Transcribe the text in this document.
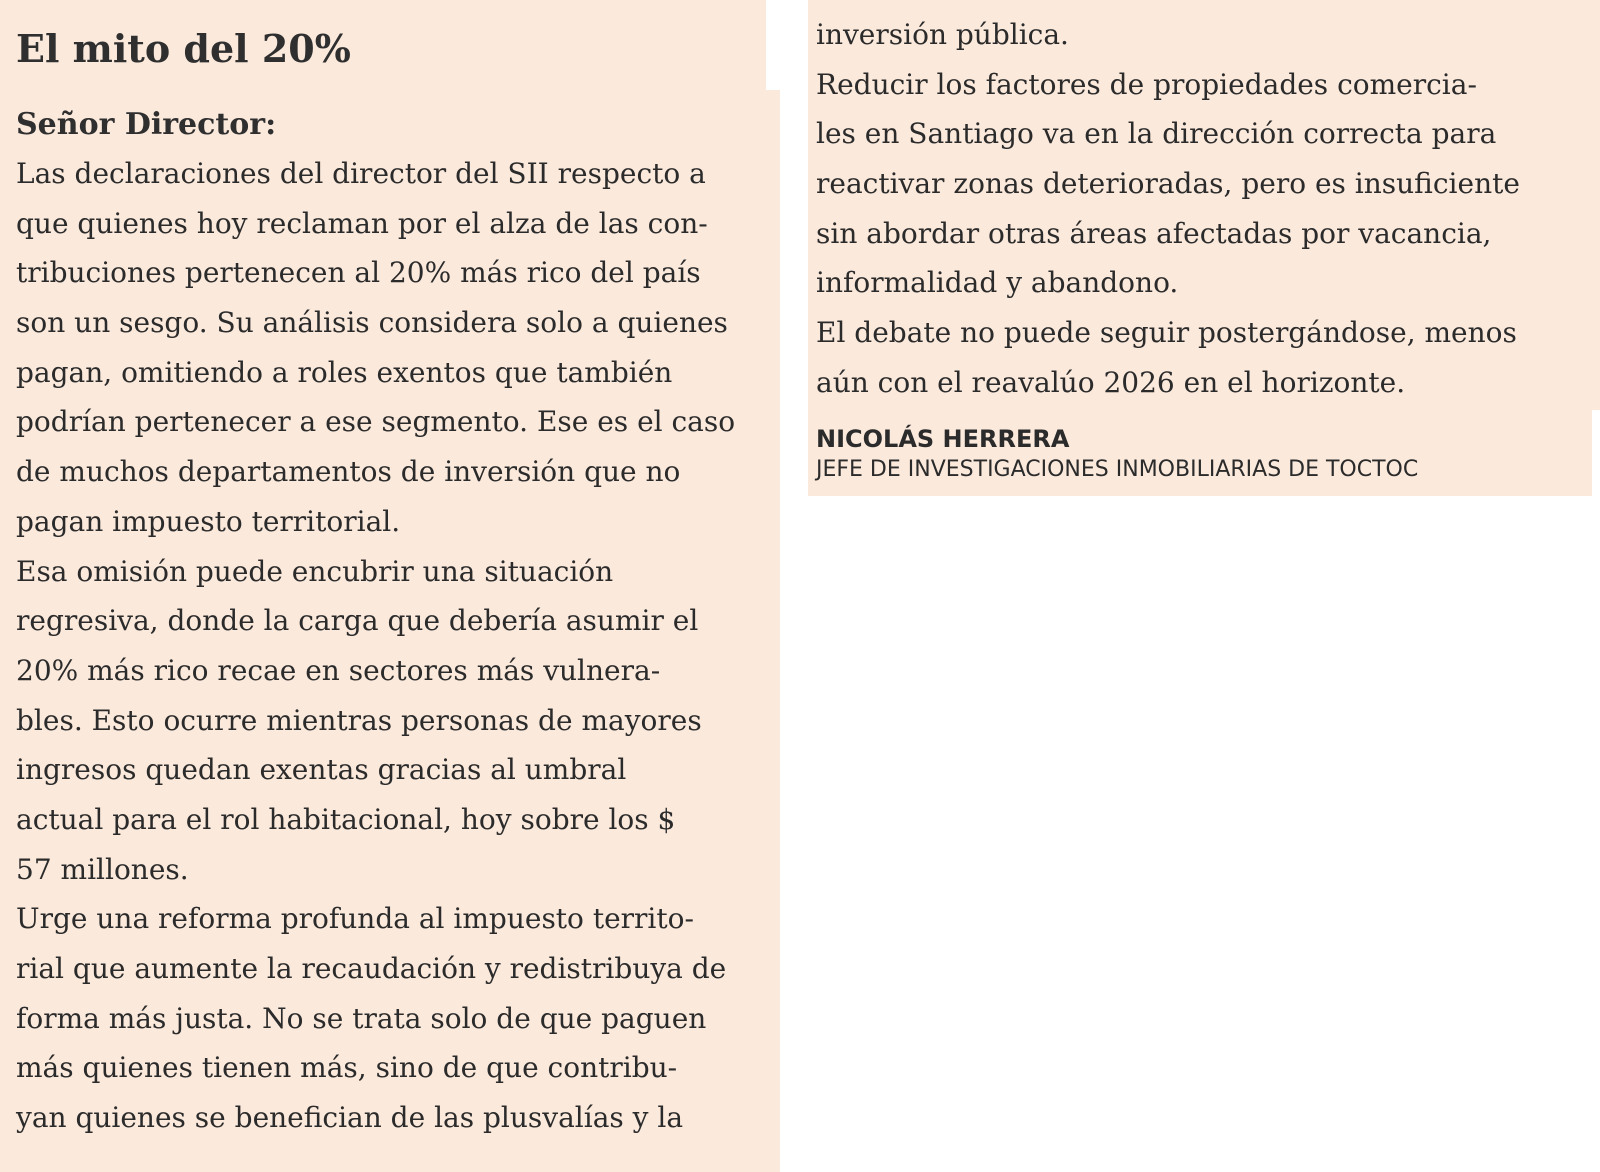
El mito del 20%
Señor Director:
Las declaraciones del director del SII respecto a
que quienes hoy reclaman por el alza de las con-
tribuciones pertenecen al 20% más rico del país
son un sesgo. Su análisis considera solo a quienes
pagan, omitiendo a roles exentos que también
podrían pertenecer a ese segmento. Ese es el caso
de muchos departamentos de inversión que no
pagan impuesto territorial.
Esa omisión puede encubrir una situación
regresiva, donde la carga que debería asumir el
20% más rico recae en sectores más vulnera-
bles. Esto ocurre mientras personas de mayores
ingresos quedan exentas gracias al umbral
actual para el rol habitacional, hoy sobre los $
57 millones.
Urge una reforma profunda al impuesto territo-
rial que aumente la recaudación y redistribuya de
forma más justa. No se trata solo de que paguen
más quienes tienen más, sino de que contribu-
yan quienes se benefician de las plusvalías y la
inversión pública.
Reducir los factores de propiedades comercia-
les en Santiago va en la dirección correcta para
reactivar zonas deterioradas, pero es insuficiente
sin abordar otras áreas afectadas por vacancia,
informalidad y abandono.
El debate no puede seguir postergándose, menos
aún con el reavalúo 2026 en el horizonte.
NICOLÁS HERRERA
JEFE DE INVESTIGACIONES INMOBILIARIAS DE TOCTOC
